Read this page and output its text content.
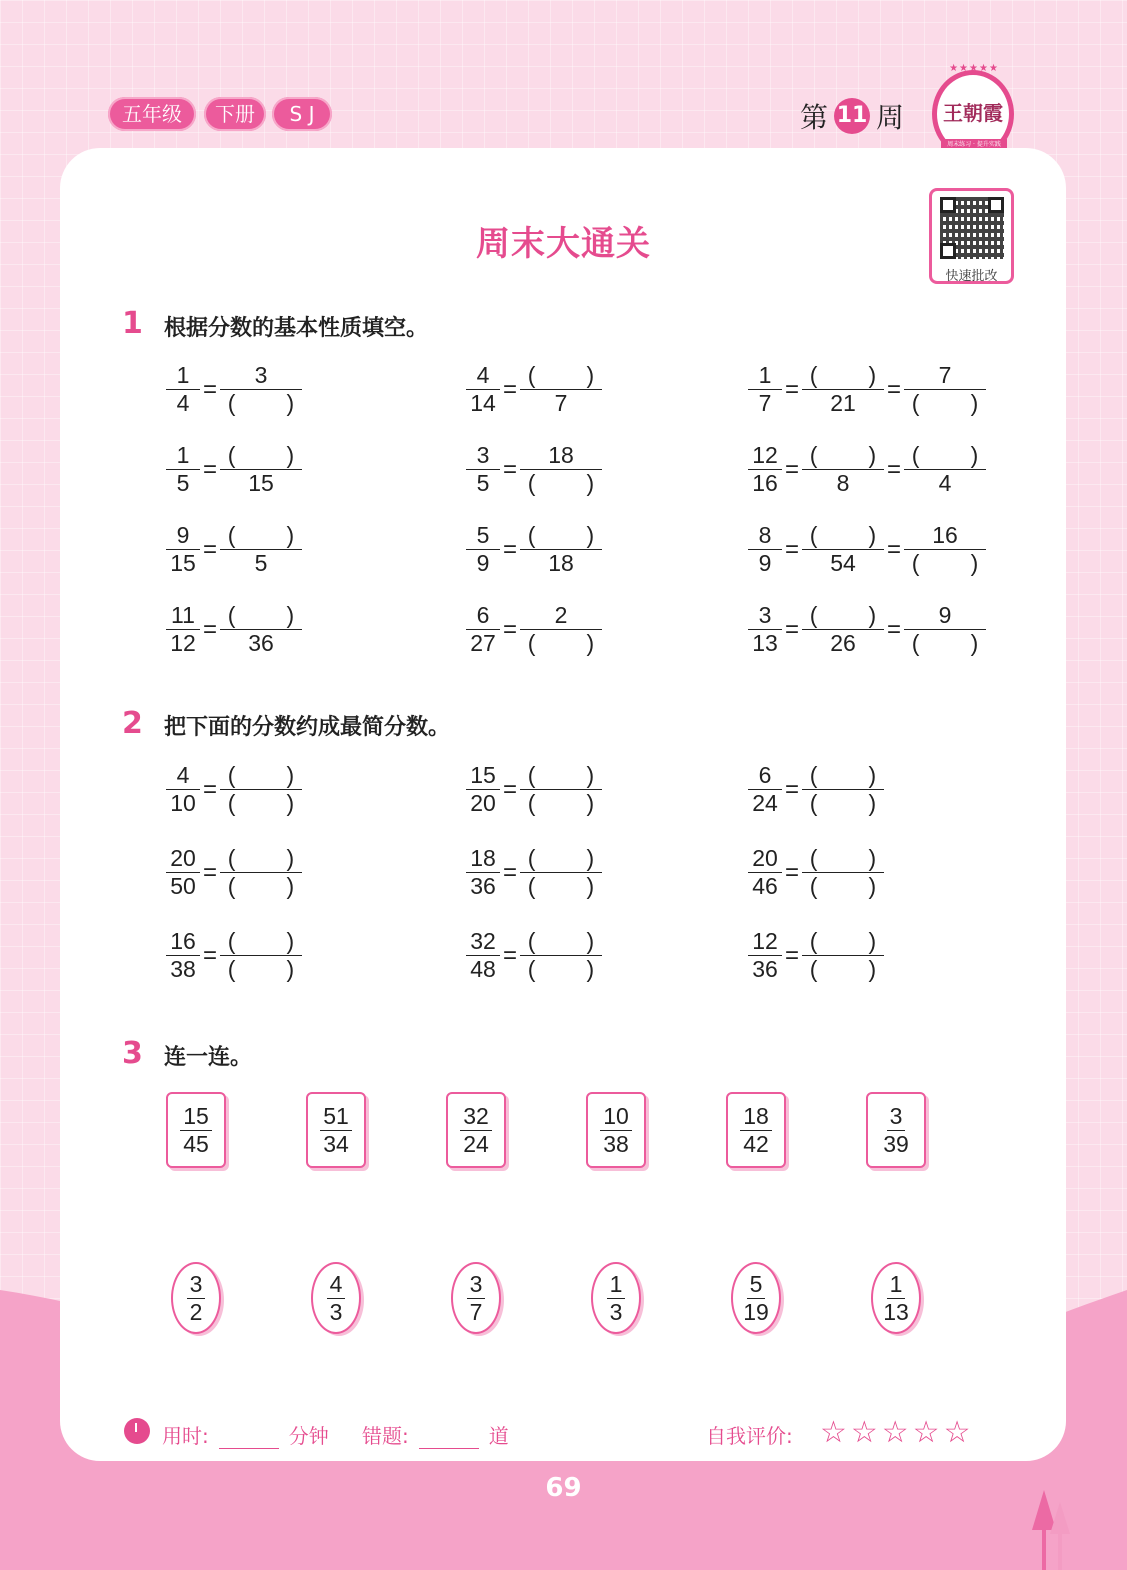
五年级	下册	S J	第 11 周
★★★★★
王朝霞
周末练习 · 提升实践
周末大通关
快速批改
1 根据分数的基本性质填空。
$\frac{1}{4}$ =
3
(        )	$\frac{4}{14}$ =
(        )
7	$\frac{1}{7}$ =
(        )
21
=
7
(        )
$\frac{1}{5}$ =
(        )
15	$\frac{3}{5}$ =
18
(        )	$\frac{12}{16}$ =
(        )
8
=
(        )
4
$\frac{9}{15}$ =
(        )
5	$\frac{5}{9}$ =
(        )
18	$\frac{8}{9}$ =
(        )
54
=
16
(        )
$\frac{11}{12}$ =
(        )
36	$\frac{6}{27}$ =
2
(        )	$\frac{3}{13}$ =
(        )
26
=
9
(        )
2 把下面的分数约成最简分数。
$\frac{4}{10}$ =
(        )
(        )	$\frac{15}{20}$ =
(        )
(        )	$\frac{6}{24}$ =
(        )
(        )
$\frac{20}{50}$ =
(        )
(        )	$\frac{18}{36}$ =
(        )
(        )	$\frac{20}{46}$ =
(        )
(        )
$\frac{16}{38}$ =
(        )
(        )	$\frac{32}{48}$ =
(        )
(        )	$\frac{12}{36}$ =
(        )
(        )
3 连一连。
$\frac{15}{45}$	$\frac{51}{34}$	$\frac{32}{24}$	$\frac{10}{38}$	$\frac{18}{42}$	$\frac{3}{39}$
$\frac{3}{2}$	$\frac{4}{3}$	$\frac{3}{7}$	$\frac{1}{3}$	$\frac{5}{19}$	$\frac{1}{13}$
用时:	分钟 错题:	道	自我评价: ☆☆☆☆☆
69
